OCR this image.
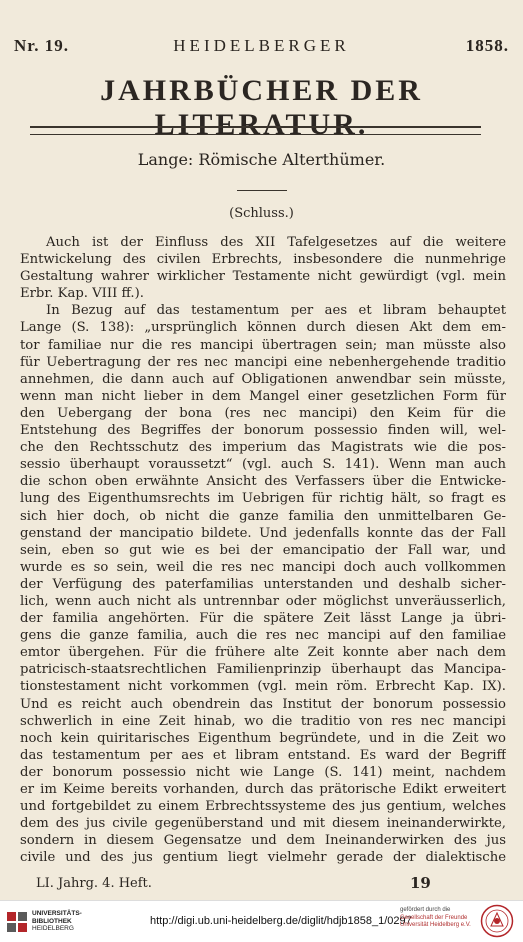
Nr. 19.	HEIDELBERGER	1858.
JAHRBÜCHER DER LITERATUR.
Lange: Römische Alterthümer.
(Schluss.)
Auch ist der Einfluss des XII Tafelgesetzes auf die weitere
Entwickelung des civilen Erbrechts, insbesondere die nunmehrige
Gestaltung wahrer wirklicher Testamente nicht gewürdigt (vgl. mein
Erbr. Kap. VIII ff.).
In Bezug auf das testamentum per aes et libram behauptet
Lange (S. 138): „ursprünglich können durch diesen Akt dem em-
tor familiae nur die res mancipi übertragen sein; man müsste also
für Uebertragung der res nec mancipi eine nebenhergehende traditio
annehmen, die dann auch auf Obligationen anwendbar sein müsste,
wenn man nicht lieber in dem Mangel einer gesetzlichen Form für
den Uebergang der bona (res nec mancipi) den Keim für die
Entstehung des Begriffes der bonorum possessio finden will, wel-
che den Rechtsschutz des imperium das Magistrats wie die pos-
sessio überhaupt voraussetzt“ (vgl. auch S. 141). Wenn man auch
die schon oben erwähnte Ansicht des Verfassers über die Entwicke-
lung des Eigenthumsrechts im Uebrigen für richtig hält, so fragt es
sich hier doch, ob nicht die ganze familia den unmittelbaren Ge-
genstand der mancipatio bildete. Und jedenfalls konnte das der Fall
sein, eben so gut wie es bei der emancipatio der Fall war, und
wurde es so sein, weil die res nec mancipi doch auch vollkommen
der Verfügung des paterfamilias unterstanden und deshalb sicher-
lich, wenn auch nicht als untrennbar oder möglichst unveräusserlich,
der familia angehörten. Für die spätere Zeit lässt Lange ja übri-
gens die ganze familia, auch die res nec mancipi auf den familiae
emtor übergehen. Für die frühere alte Zeit konnte aber nach dem
patricisch-staatsrechtlichen Familienprinzip überhaupt das Mancipa-
tionstestament nicht vorkommen (vgl. mein röm. Erbrecht Kap. IX).
Und es reicht auch obendrein das Institut der bonorum possessio
schwerlich in eine Zeit hinab, wo die traditio von res nec mancipi
noch kein quiritarisches Eigenthum begründete, und in die Zeit wo
das testamentum per aes et libram entstand. Es ward der Begriff
der bonorum possessio nicht wie Lange (S. 141) meint, nachdem
er im Keime bereits vorhanden, durch das prätorische Edikt erweitert
und fortgebildet zu einem Erbrechtssysteme des jus gentium, welches
dem des jus civile gegenüberstand und mit diesem ineinanderwirkte,
sondern in diesem Gegensatze und dem Ineinanderwirken des jus
civile und des jus gentium liegt vielmehr gerade der dialektische
LI. Jahrg. 4. Heft.	19
UNIVERSITÄTS-
BIBLIOTHEK
HEIDELBERG
http://digi.ub.uni-heidelberg.de/diglit/hdjb1858_1/0297
gefördert durch die
Gesellschaft der Freunde
Universität Heidelberg e.V.
